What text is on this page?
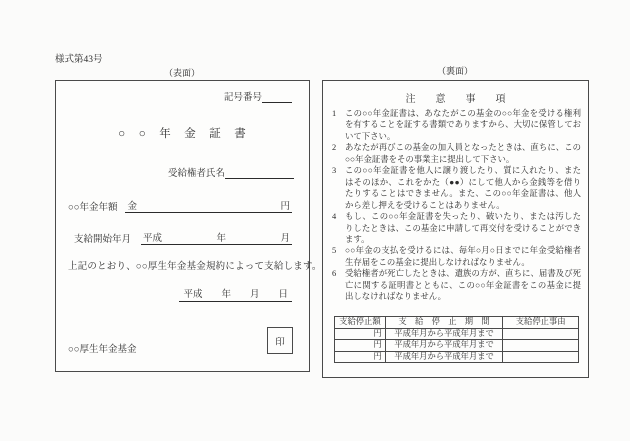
様式第43号
（表面）	（裏面）
記号番号
○　○　年　金　証　書
受給権者氏名
○○年金年額 金	円
支給開始年月 平成	年	月
上記のとおり、○○厚生年金基金規約によって支給します。
平成　　年　　月　　日
印
○○厚生年金基金
注　　意　　事　　項
1	この○○年金証書は、あなたがこの基金の○○年金を受ける権利を有することを証する書類でありますから、大切に保管しておいて下さい。
2	あなたが再びこの基金の加入員となったときは、直ちに、この○○年金証書をその事業主に提出して下さい。
3	この○○年金証書を他人に譲り渡したり、質に入れたり、またはそのほか、これをかた（●●）にして他人から金銭等を借りたりすることはできません。また、この○○年金証書は、他人から差し押えを受けることはありません。
4	もし、この○○年金証書を失ったり、破いたり、または汚したりしたときは、この基金に申請して再交付を受けることができます。
5	○○年金の支払を受けるには、毎年○月○日までに年金受給権者生存届をこの基金に提出しなければなりません。
6	受給権者が死亡したときは、遺族の方が、直ちに、届書及び死亡に関する証明書とともに、この○○年金証書をこの基金に提出しなければなりません。
支給停止額	支　給　停　止　期　間	支給停止事由
円	平成年月から平成年月まで	
円	平成年月から平成年月まで	
円	平成年月から平成年月まで	
